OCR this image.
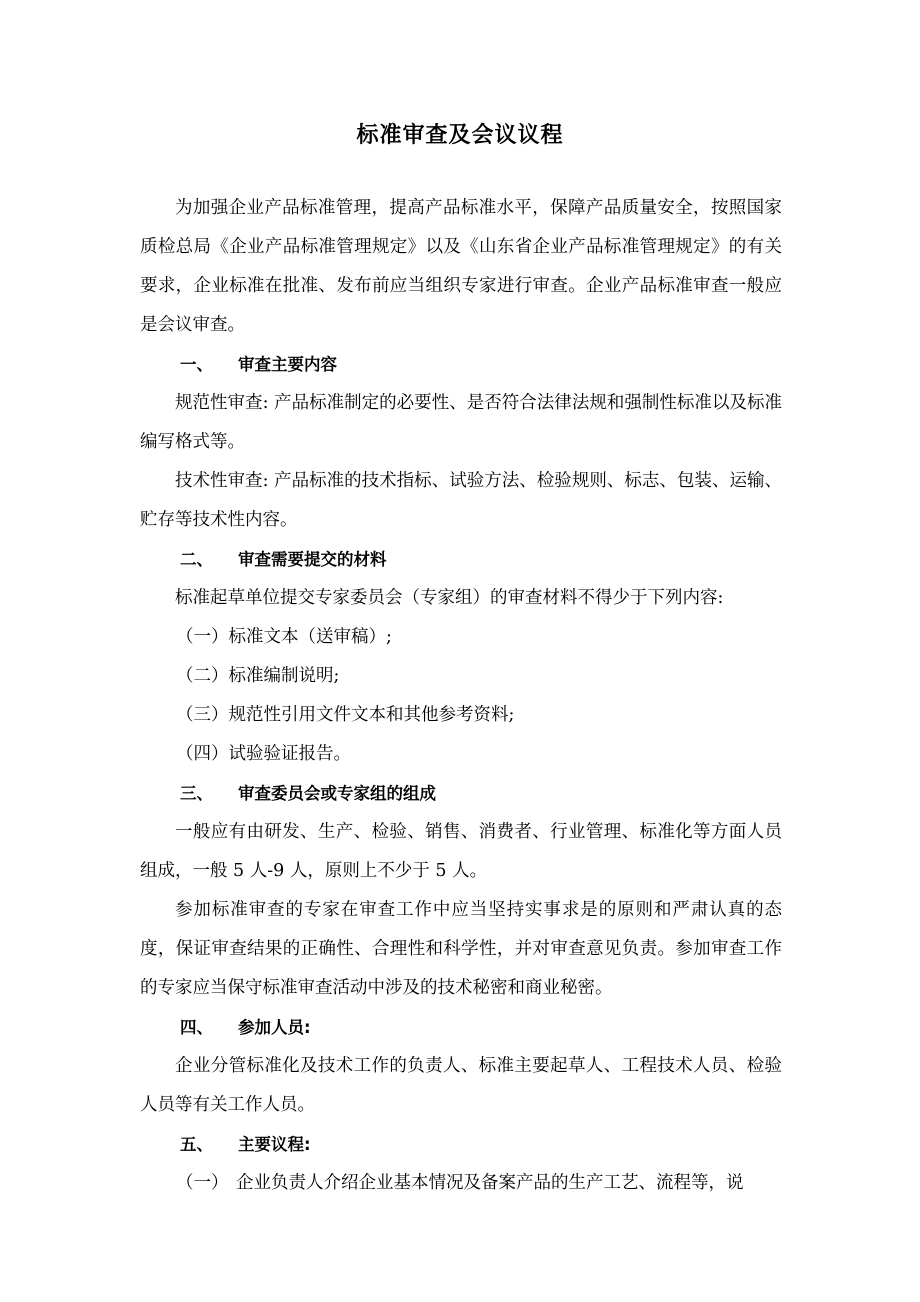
标准审查及会议议程

为加强企业产品标准管理，提高产品标准水平，保障产品质量安全，按照国家质检总局《企业产品标准管理规定》以及《山东省企业产品标准管理规定》的有关要求，企业标准在批准、发布前应当组织专家进行审查。企业产品标准审查一般应是会议审查。

一、 审查主要内容

规范性审查: 产品标准制定的必要性、是否符合法律法规和强制性标准以及标准编写格式等。

技术性审查: 产品标准的技术指标、试验方法、检验规则、标志、包装、运输、贮存等技术性内容。

二、 审查需要提交的材料

标准起草单位提交专家委员会（专家组）的审查材料不得少于下列内容:

（一）标准文本（送审稿）;

（二）标准编制说明;

（三）规范性引用文件文本和其他参考资料;

（四）试验验证报告。

三、 审查委员会或专家组的组成

一般应有由研发、生产、检验、销售、消费者、行业管理、标准化等方面人员组成，一般 5 人-9 人，原则上不少于 5 人。

参加标准审查的专家在审查工作中应当坚持实事求是的原则和严肃认真的态度，保证审查结果的正确性、合理性和科学性，并对审查意见负责。参加审查工作的专家应当保守标准审查活动中涉及的技术秘密和商业秘密。

四、 参加人员:

企业分管标准化及技术工作的负责人、标准主要起草人、工程技术人员、检验人员等有关工作人员。

五、 主要议程:

（一） 企业负责人介绍企业基本情况及备案产品的生产工艺、流程等，说
